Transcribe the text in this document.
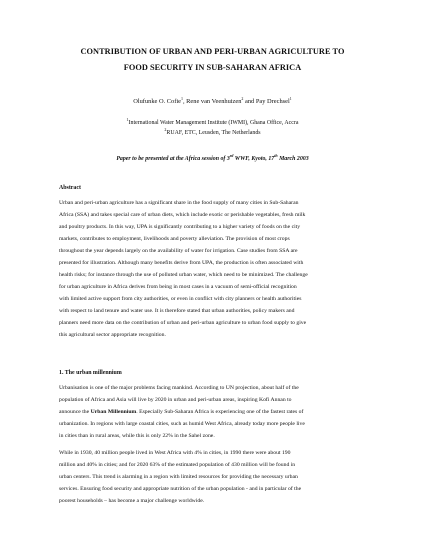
CONTRIBUTION OF URBAN AND PERI-URBAN AGRICULTURE TO
FOOD SECURITY IN SUB-SAHARAN AFRICA
Olufunke O. Cofie$^1$, Rene van Veenhuizen$^2$ and Pay Drechsel$^1$
$^1$International Water Management Institute (IWMI), Ghana Office, Accra
$^2$RUAF, ETC, Leusden, The Netherlands
Paper to be presented at the Africa session of 3rd WWF, Kyoto, 17th March 2003
Abstract

Urban and peri-urban agriculture has a significant share in the food supply of many cities in Sub-Saharan
Africa (SSA) and takes special care of urban diets, which include exotic or perishable vegetables, fresh milk
and poultry products. In this way, UPA is significantly contributing to a higher variety of foods on the city
markets, contributes to employment, livelihoods and poverty alleviation. The provision of most crops
throughout the year depends largely on the availability of water for irrigation. Case studies from SSA are
presented for illustration. Although many benefits derive from UPA, the production is often associated with
health risks; for instance through the use of polluted urban water, which need to be minimized. The challenge
for urban agriculture in Africa derives from being in most cases in a vacuum of semi-official recognition
with limited active support from city authorities, or even in conflict with city planners or health authorities
with respect to land tenure and water use. It is therefore stated that urban authorities, policy makers and
planners need more data on the contribution of urban and peri-urban agriculture to urban food supply to give
this agricultural sector appropriate recognition.

1. The urban millennium

Urbanisation is one of the major problems facing mankind. According to UN projection, about half of the
population of Africa and Asia will live by 2020 in urban and peri-urban areas, inspiring Kofi Annan to
announce the Urban Millennium. Especially Sub-Saharan Africa is experiencing one of the fastest rates of
urbanization. In regions with large coastal cities, such as humid West Africa, already today more people live
in cities than in rural areas, while this is only 22% in the Sahel zone.

While in 1930, 40 million people lived in West Africa with 4% in cities, in 1990 there were about 190
million and 40% in cities; and for 2020 63% of the estimated population of 430 million will be found in
urban centers. This trend is alarming in a region with limited resources for providing the necessary urban
services. Ensuring food security and appropriate nutrition of the urban population - and in particular of the
poorest households – has become a major challenge worldwide.
